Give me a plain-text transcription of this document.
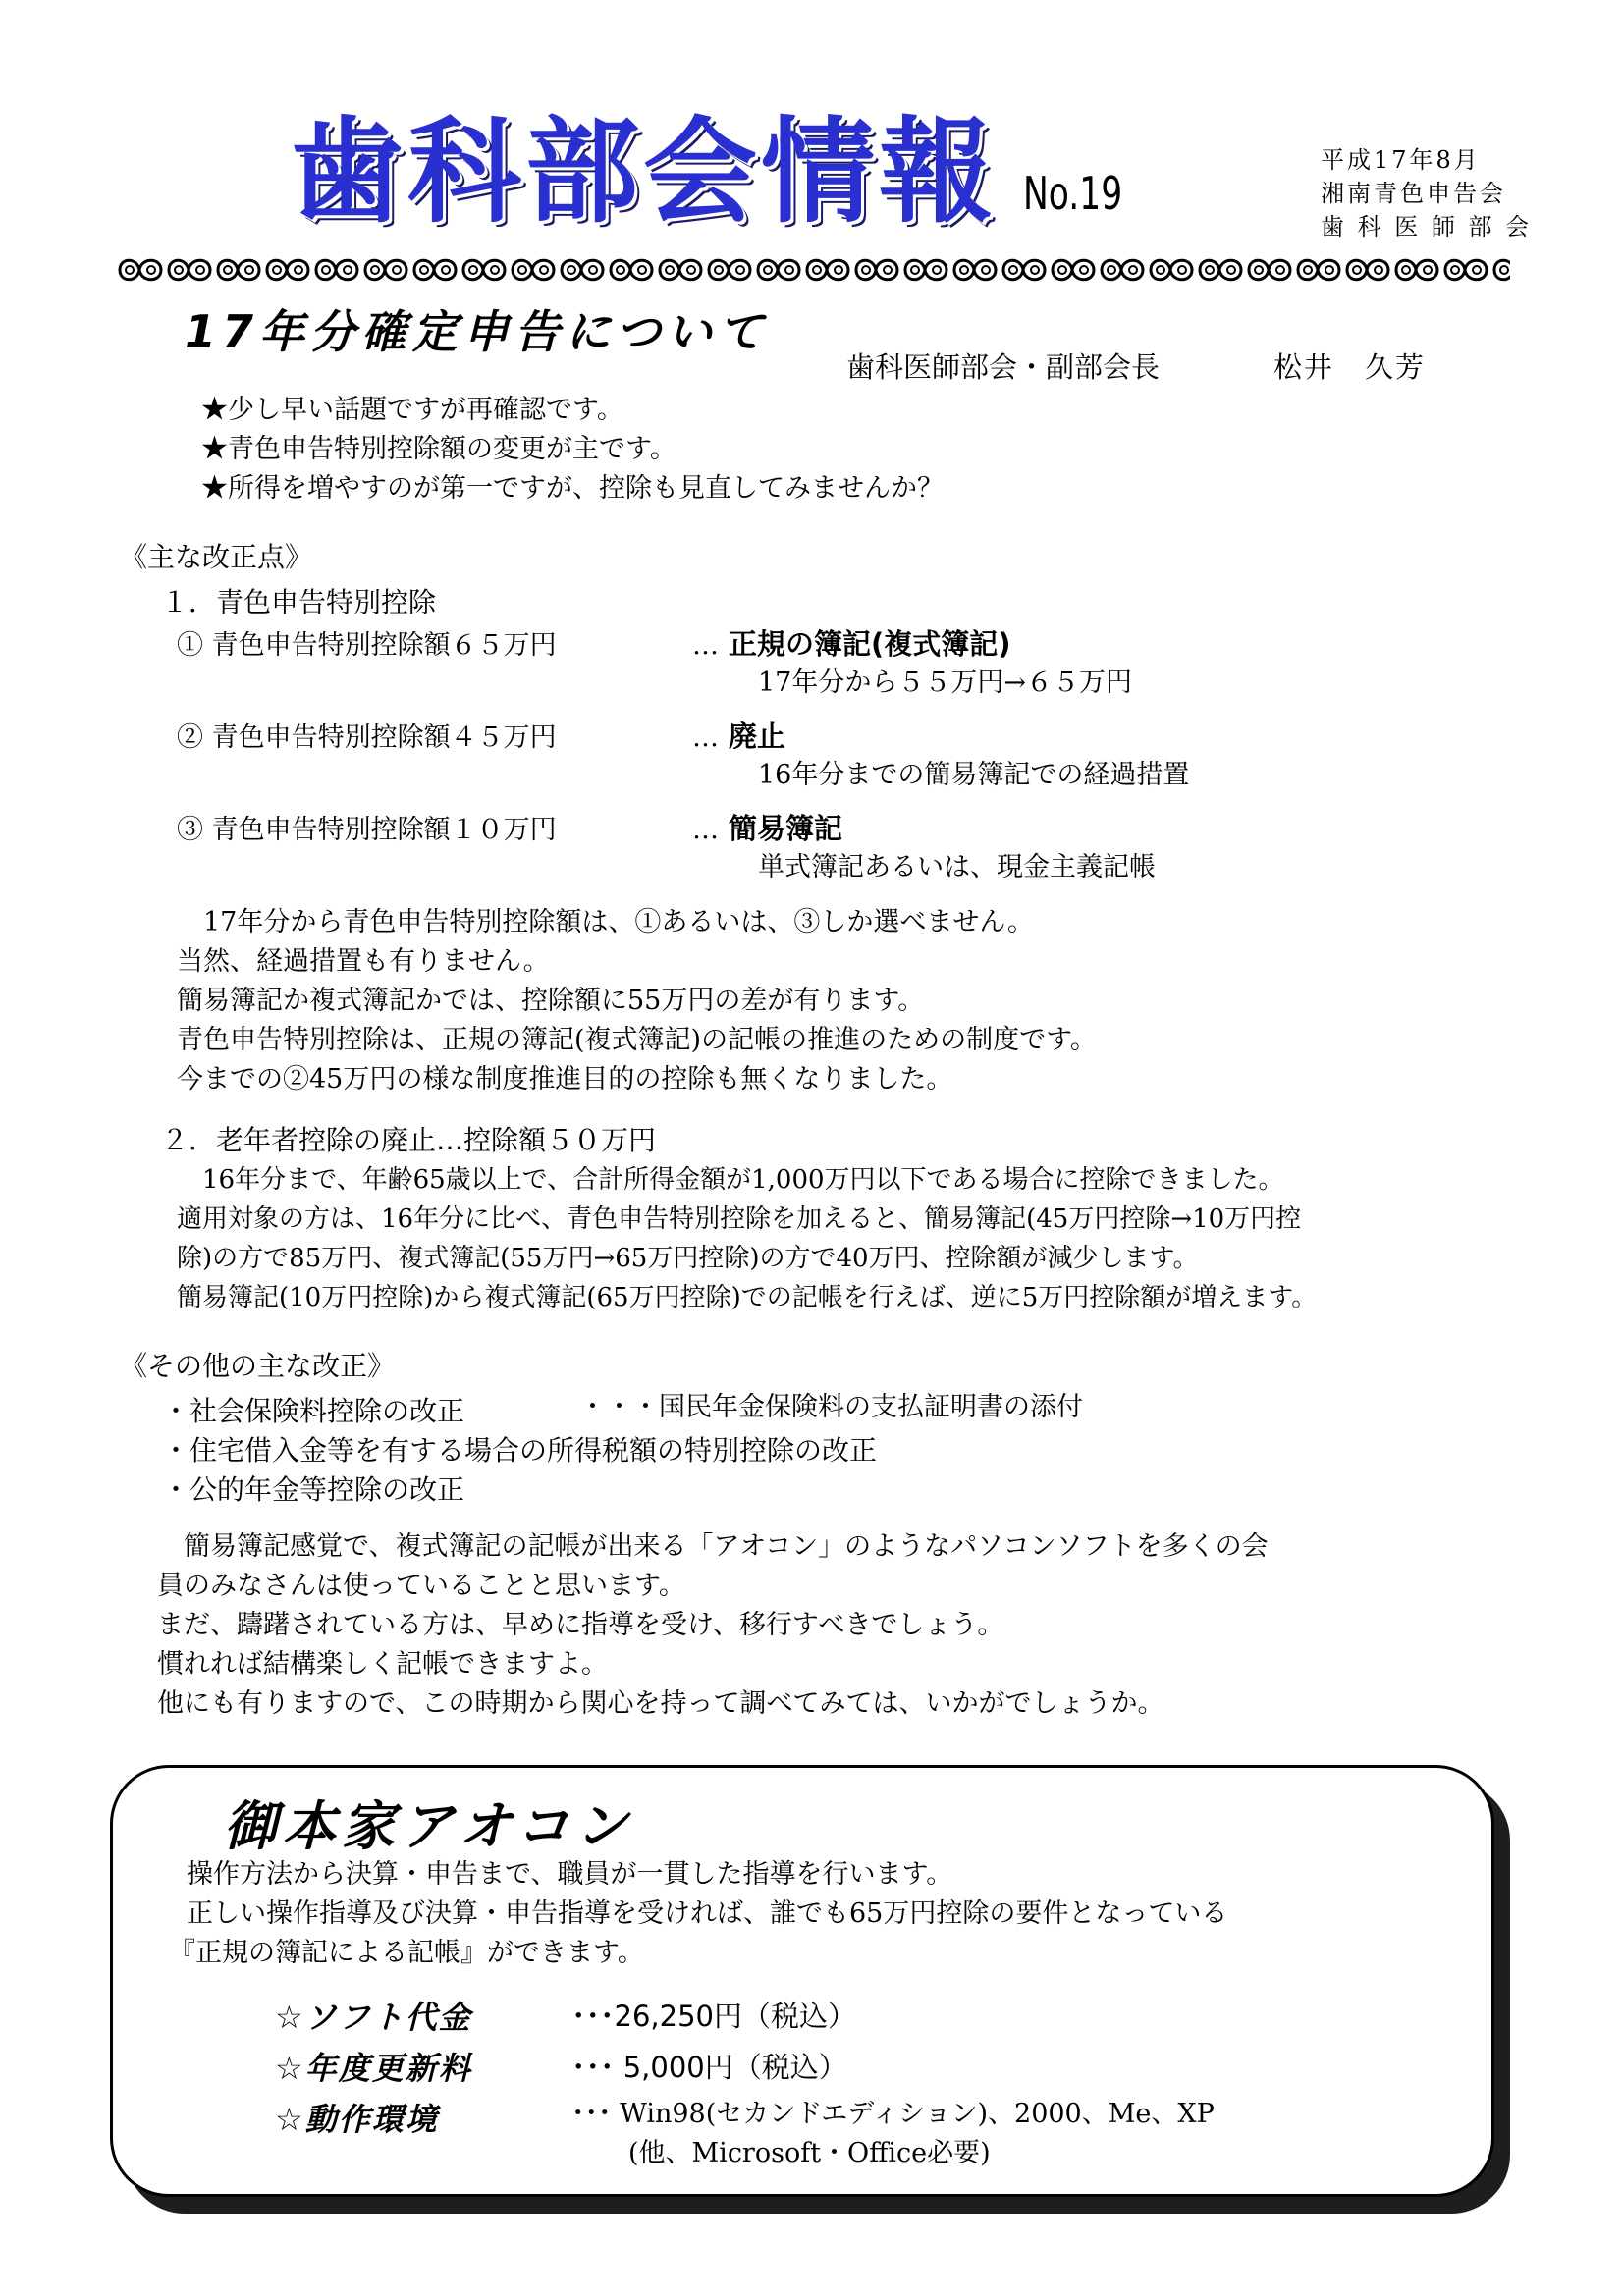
歯科部会情報 No.19
平成17年8月
湘南青色申告会
歯 科 医 師 部 会
17年分確定申告について
歯科医師部会・副部会長	松井　久芳
★少し早い話題ですが再確認です。
★青色申告特別控除額の変更が主です。
★所得を増やすのが第一ですが、控除も見直してみませんか？
《主な改正点》
１．青色申告特別控除
① 青色申告特別控除額６５万円	… 正規の簿記(複式簿記)
17年分から５５万円→６５万円
② 青色申告特別控除額４５万円	… 廃止
16年分までの簡易簿記での経過措置
③ 青色申告特別控除額１０万円	… 簡易簿記
単式簿記あるいは、現金主義記帳
　17年分から青色申告特別控除額は、①あるいは、③しか選べません。
当然、経過措置も有りません。
簡易簿記か複式簿記かでは、控除額に55万円の差が有ります。
青色申告特別控除は、正規の簿記(複式簿記)の記帳の推進のための制度です。
今までの②45万円の様な制度推進目的の控除も無くなりました。
２．老年者控除の廃止…控除額５０万円
　16年分まで、年齢65歳以上で、合計所得金額が1,000万円以下である場合に控除できました。
適用対象の方は、16年分に比べ、青色申告特別控除を加えると、簡易簿記(45万円控除→10万円控
除)の方で85万円、複式簿記(55万円→65万円控除)の方で40万円、控除額が減少します。
簡易簿記(10万円控除)から複式簿記(65万円控除)での記帳を行えば、逆に5万円控除額が増えます。
《その他の主な改正》
・社会保険料控除の改正	・・・国民年金保険料の支払証明書の添付
・住宅借入金等を有する場合の所得税額の特別控除の改正
・公的年金等控除の改正
　簡易簿記感覚で、複式簿記の記帳が出来る「アオコン」のようなパソコンソフトを多くの会
員のみなさんは使っていることと思います。
まだ、躊躇されている方は、早めに指導を受け、移行すべきでしょう。
慣れれば結構楽しく記帳できますよ。
他にも有りますので、この時期から関心を持って調べてみては、いかがでしょうか。
御本家アオコン
操作方法から決算・申告まで、職員が一貫した指導を行います。
正しい操作指導及び決算・申告指導を受ければ、誰でも65万円控除の要件となっている
『正規の簿記による記帳』ができます。
☆ソフト代金	･･･26,250円（税込）
☆年度更新料	･･･ 5,000円（税込）
☆動作環境	･･･ Win98(セカンドエディション)、2000、Me、XP
(他、Microsoft・Office必要)
